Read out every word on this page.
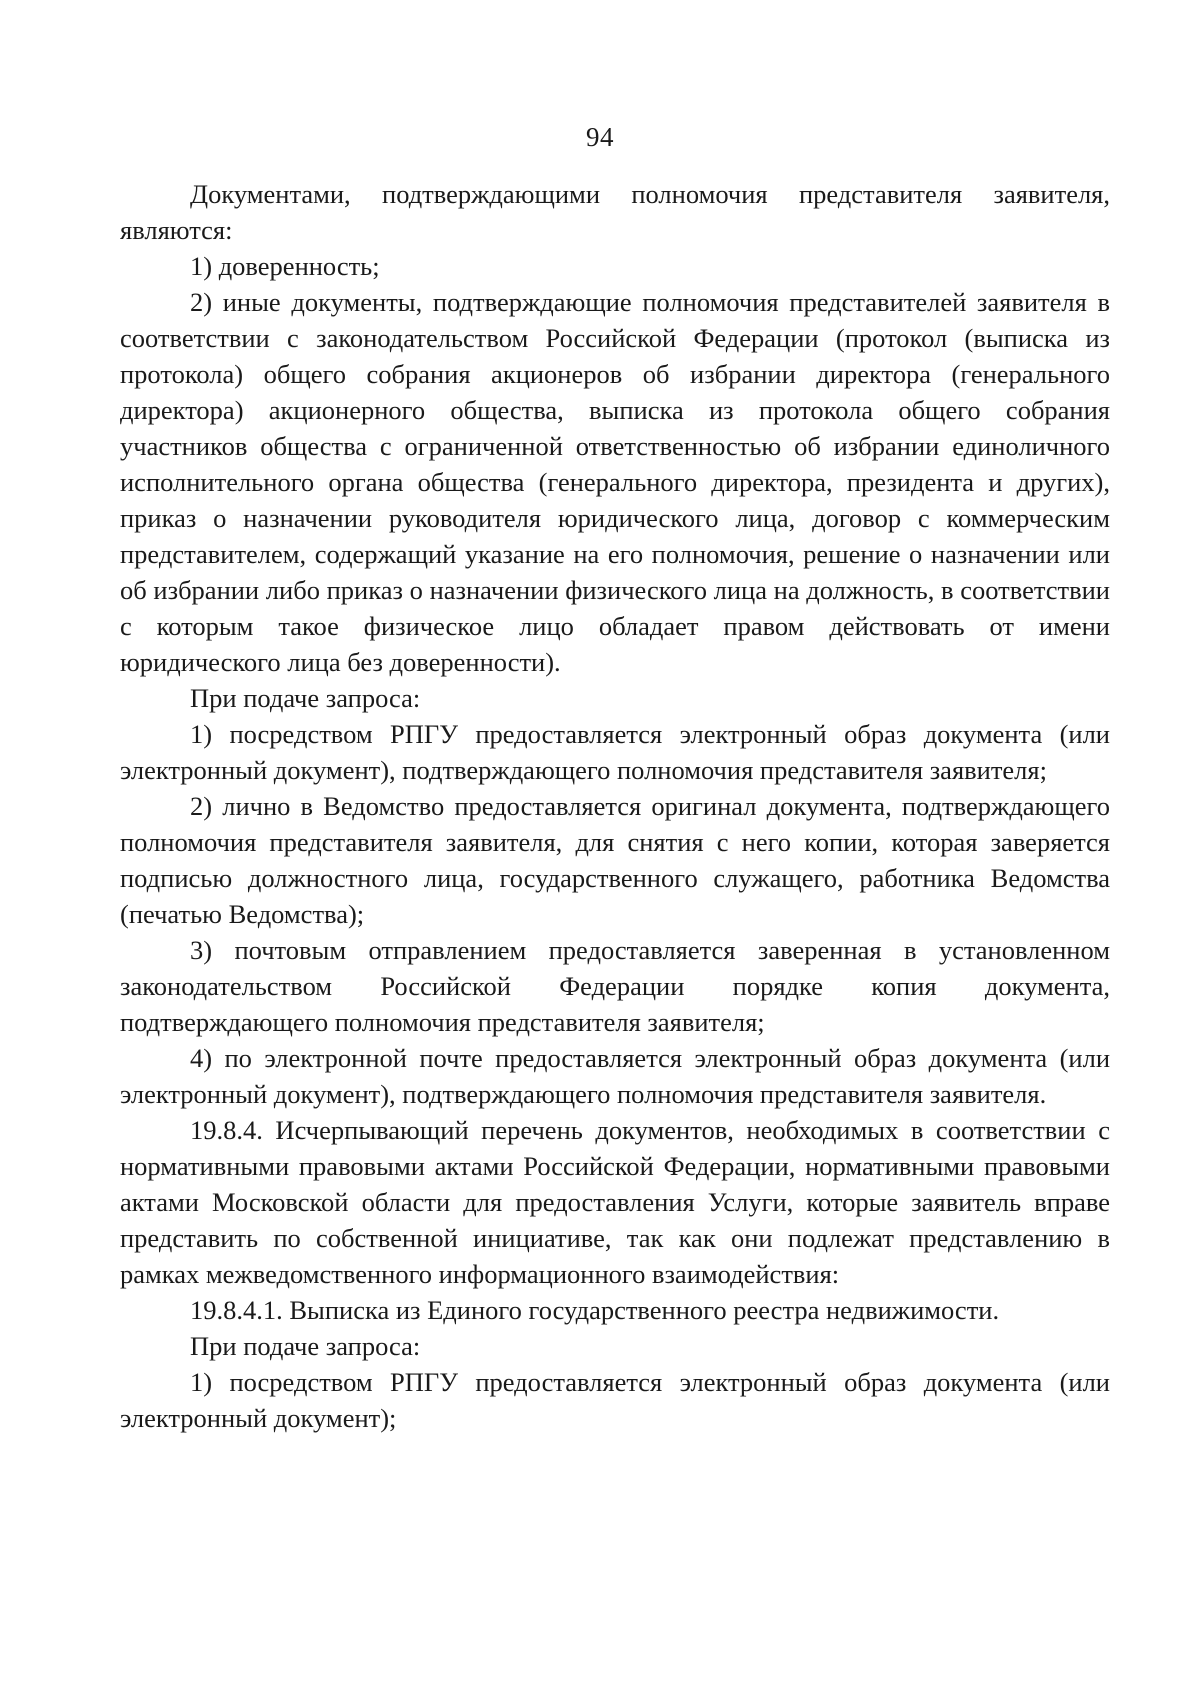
94

Документами, подтверждающими полномочия представителя заявителя, являются:

1) доверенность;

2) иные документы, подтверждающие полномочия представителей заявителя в соответствии с законодательством Российской Федерации (протокол (выписка из протокола) общего собрания акционеров об избрании директора (генерального директора) акционерного общества, выписка из протокола общего собрания участников общества с ограниченной ответственностью об избрании единоличного исполнительного органа общества (генерального директора, президента и других), приказ о назначении руководителя юридического лица, договор с коммерческим представителем, содержащий указание на его полномочия, решение о назначении или об избрании либо приказ о назначении физического лица на должность, в соответствии с которым такое физическое лицо обладает правом действовать от имени юридического лица без доверенности).

При подаче запроса:

1) посредством РПГУ предоставляется электронный образ документа (или электронный документ), подтверждающего полномочия представителя заявителя;

2) лично в Ведомство предоставляется оригинал документа, подтверждающего полномочия представителя заявителя, для снятия с него копии, которая заверяется подписью должностного лица, государственного служащего, работника Ведомства (печатью Ведомства);

3) почтовым отправлением предоставляется заверенная в установленном законодательством Российской Федерации порядке копия документа, подтверждающего полномочия представителя заявителя;

4) по электронной почте предоставляется электронный образ документа (или электронный документ), подтверждающего полномочия представителя заявителя.

19.8.4. Исчерпывающий перечень документов, необходимых в соответствии с нормативными правовыми актами Российской Федерации, нормативными правовыми актами Московской области для предоставления Услуги, которые заявитель вправе представить по собственной инициативе, так как они подлежат представлению в рамках межведомственного информационного взаимодействия:

19.8.4.1. Выписка из Единого государственного реестра недвижимости.

При подаче запроса:

1) посредством РПГУ предоставляется электронный образ документа (или электронный документ);
